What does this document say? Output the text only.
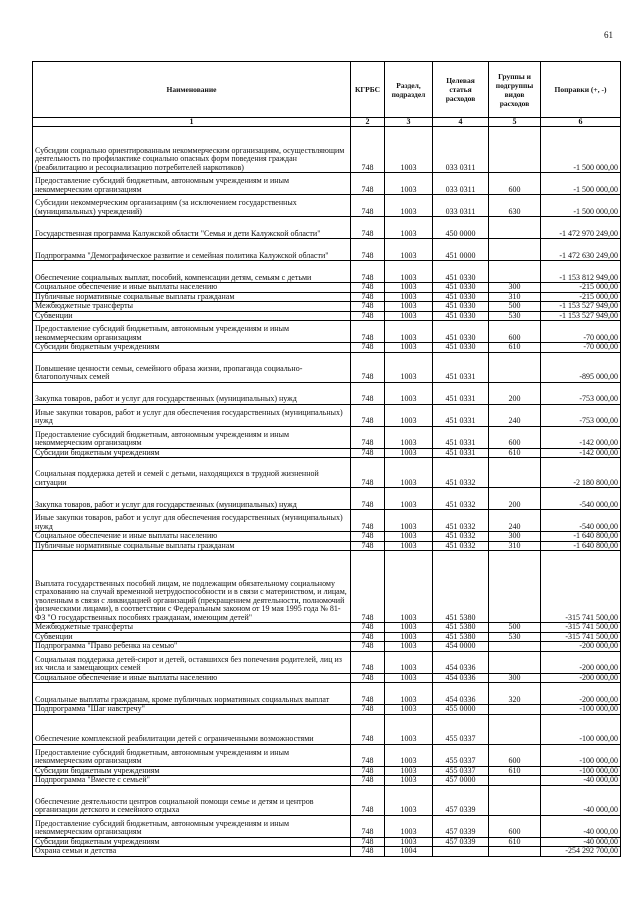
61
Наименование	КГРБС	Раздел, подраздел	Целевая статья расходов	Группы и подгруппы видов расходов	Поправки (+, -)
1	2	3	4	5	6
Субсидии социально ориентированным некоммерческим организациям, осуществляющим деятельность по профилактике социально опасных форм поведения граждан (реабилитацию и ресоциализацию потребителей наркотиков)	748	1003	033 0311		-1 500 000,00
Предоставление субсидий бюджетным, автономным учреждениям и иным некоммерческим организациям	748	1003	033 0311	600	-1 500 000,00
Субсидии некоммерческим организациям (за исключением государственных (муниципальных) учреждений)	748	1003	033 0311	630	-1 500 000,00
Государственная программа Калужской области "Семья и дети Калужской области"	748	1003	450 0000		-1 472 970 249,00
Подпрограмма "Демографическое развитие и семейная политика Калужской области"	748	1003	451 0000		-1 472 630 249,00
Обеспечение социальных выплат, пособий, компенсации детям, семьям с детьми	748	1003	451 0330		-1 153 812 949,00
Социальное обеспечение и иные выплаты населению	748	1003	451 0330	300	-215 000,00
Публичные нормативные социальные выплаты гражданам	748	1003	451 0330	310	-215 000,00
Межбюджетные трансферты	748	1003	451 0330	500	-1 153 527 949,00
Субвенции	748	1003	451 0330	530	-1 153 527 949,00
Предоставление субсидий бюджетным, автономным учреждениям и иным некоммерческим организациям	748	1003	451 0330	600	-70 000,00
Субсидии бюджетным учреждениям	748	1003	451 0330	610	-70 000,00
Повышение ценности семьи, семейного образа жизни, пропаганда социально-благополучных семей	748	1003	451 0331		-895 000,00
Закупка товаров, работ и услуг для государственных (муниципальных) нужд	748	1003	451 0331	200	-753 000,00
Иные закупки товаров, работ и услуг для обеспечения государственных (муниципальных) нужд	748	1003	451 0331	240	-753 000,00
Предоставление субсидий бюджетным, автономным учреждениям и иным некоммерческим организациям	748	1003	451 0331	600	-142 000,00
Субсидии бюджетным учреждениям	748	1003	451 0331	610	-142 000,00
Социальная поддержка детей и семей с детьми, находящихся в трудной жизненной ситуации	748	1003	451 0332		-2 180 800,00
Закупка товаров, работ и услуг для государственных (муниципальных) нужд	748	1003	451 0332	200	-540 000,00
Иные закупки товаров, работ и услуг для обеспечения государственных (муниципальных) нужд	748	1003	451 0332	240	-540 000,00
Социальное обеспечение и иные выплаты населению	748	1003	451 0332	300	-1 640 800,00
Публичные нормативные социальные выплаты гражданам	748	1003	451 0332	310	-1 640 800,00
Выплата государственных пособий лицам, не подлежащим обязательному социальному страхованию на случай временной нетрудоспособности и в связи с материнством, и лицам, уволенным в связи с ликвидацией организаций (прекращением деятельности, полномочий физическими лицами), в соответствии с Федеральным законом от 19 мая 1995 года № 81-ФЗ "О государственных пособиях гражданам, имеющим детей"	748	1003	451 5380		-315 741 500,00
Межбюджетные трансферты	748	1003	451 5380	500	-315 741 500,00
Субвенции	748	1003	451 5380	530	-315 741 500,00
Подпрограмма "Право ребенка на семью"	748	1003	454 0000		-200 000,00
Социальная поддержка детей-сирот и детей, оставшихся без попечения родителей, лиц из их числа и замещающих семей	748	1003	454 0336		-200 000,00
Социальное обеспечение и иные выплаты населению	748	1003	454 0336	300	-200 000,00
Социальные выплаты гражданам, кроме публичных нормативных социальных выплат	748	1003	454 0336	320	-200 000,00
Подпрограмма "Шаг навстречу"	748	1003	455 0000		-100 000,00
Обеспечение комплексной реабилитации детей с ограниченными возможностями	748	1003	455 0337		-100 000,00
Предоставление субсидий бюджетным, автономным учреждениям и иным некоммерческим организациям	748	1003	455 0337	600	-100 000,00
Субсидии бюджетным учреждениям	748	1003	455 0337	610	-100 000,00
Подпрограмма "Вместе с семьей"	748	1003	457 0000		-40 000,00
Обеспечение деятельности центров социальной помощи семье и детям и центров организации детского и семейного отдыха	748	1003	457 0339		-40 000,00
Предоставление субсидий бюджетным, автономным учреждениям и иным некоммерческим организациям	748	1003	457 0339	600	-40 000,00
Субсидии бюджетным учреждениям	748	1003	457 0339	610	-40 000,00
Охрана семьи и детства	748	1004			-254 292 700,00
